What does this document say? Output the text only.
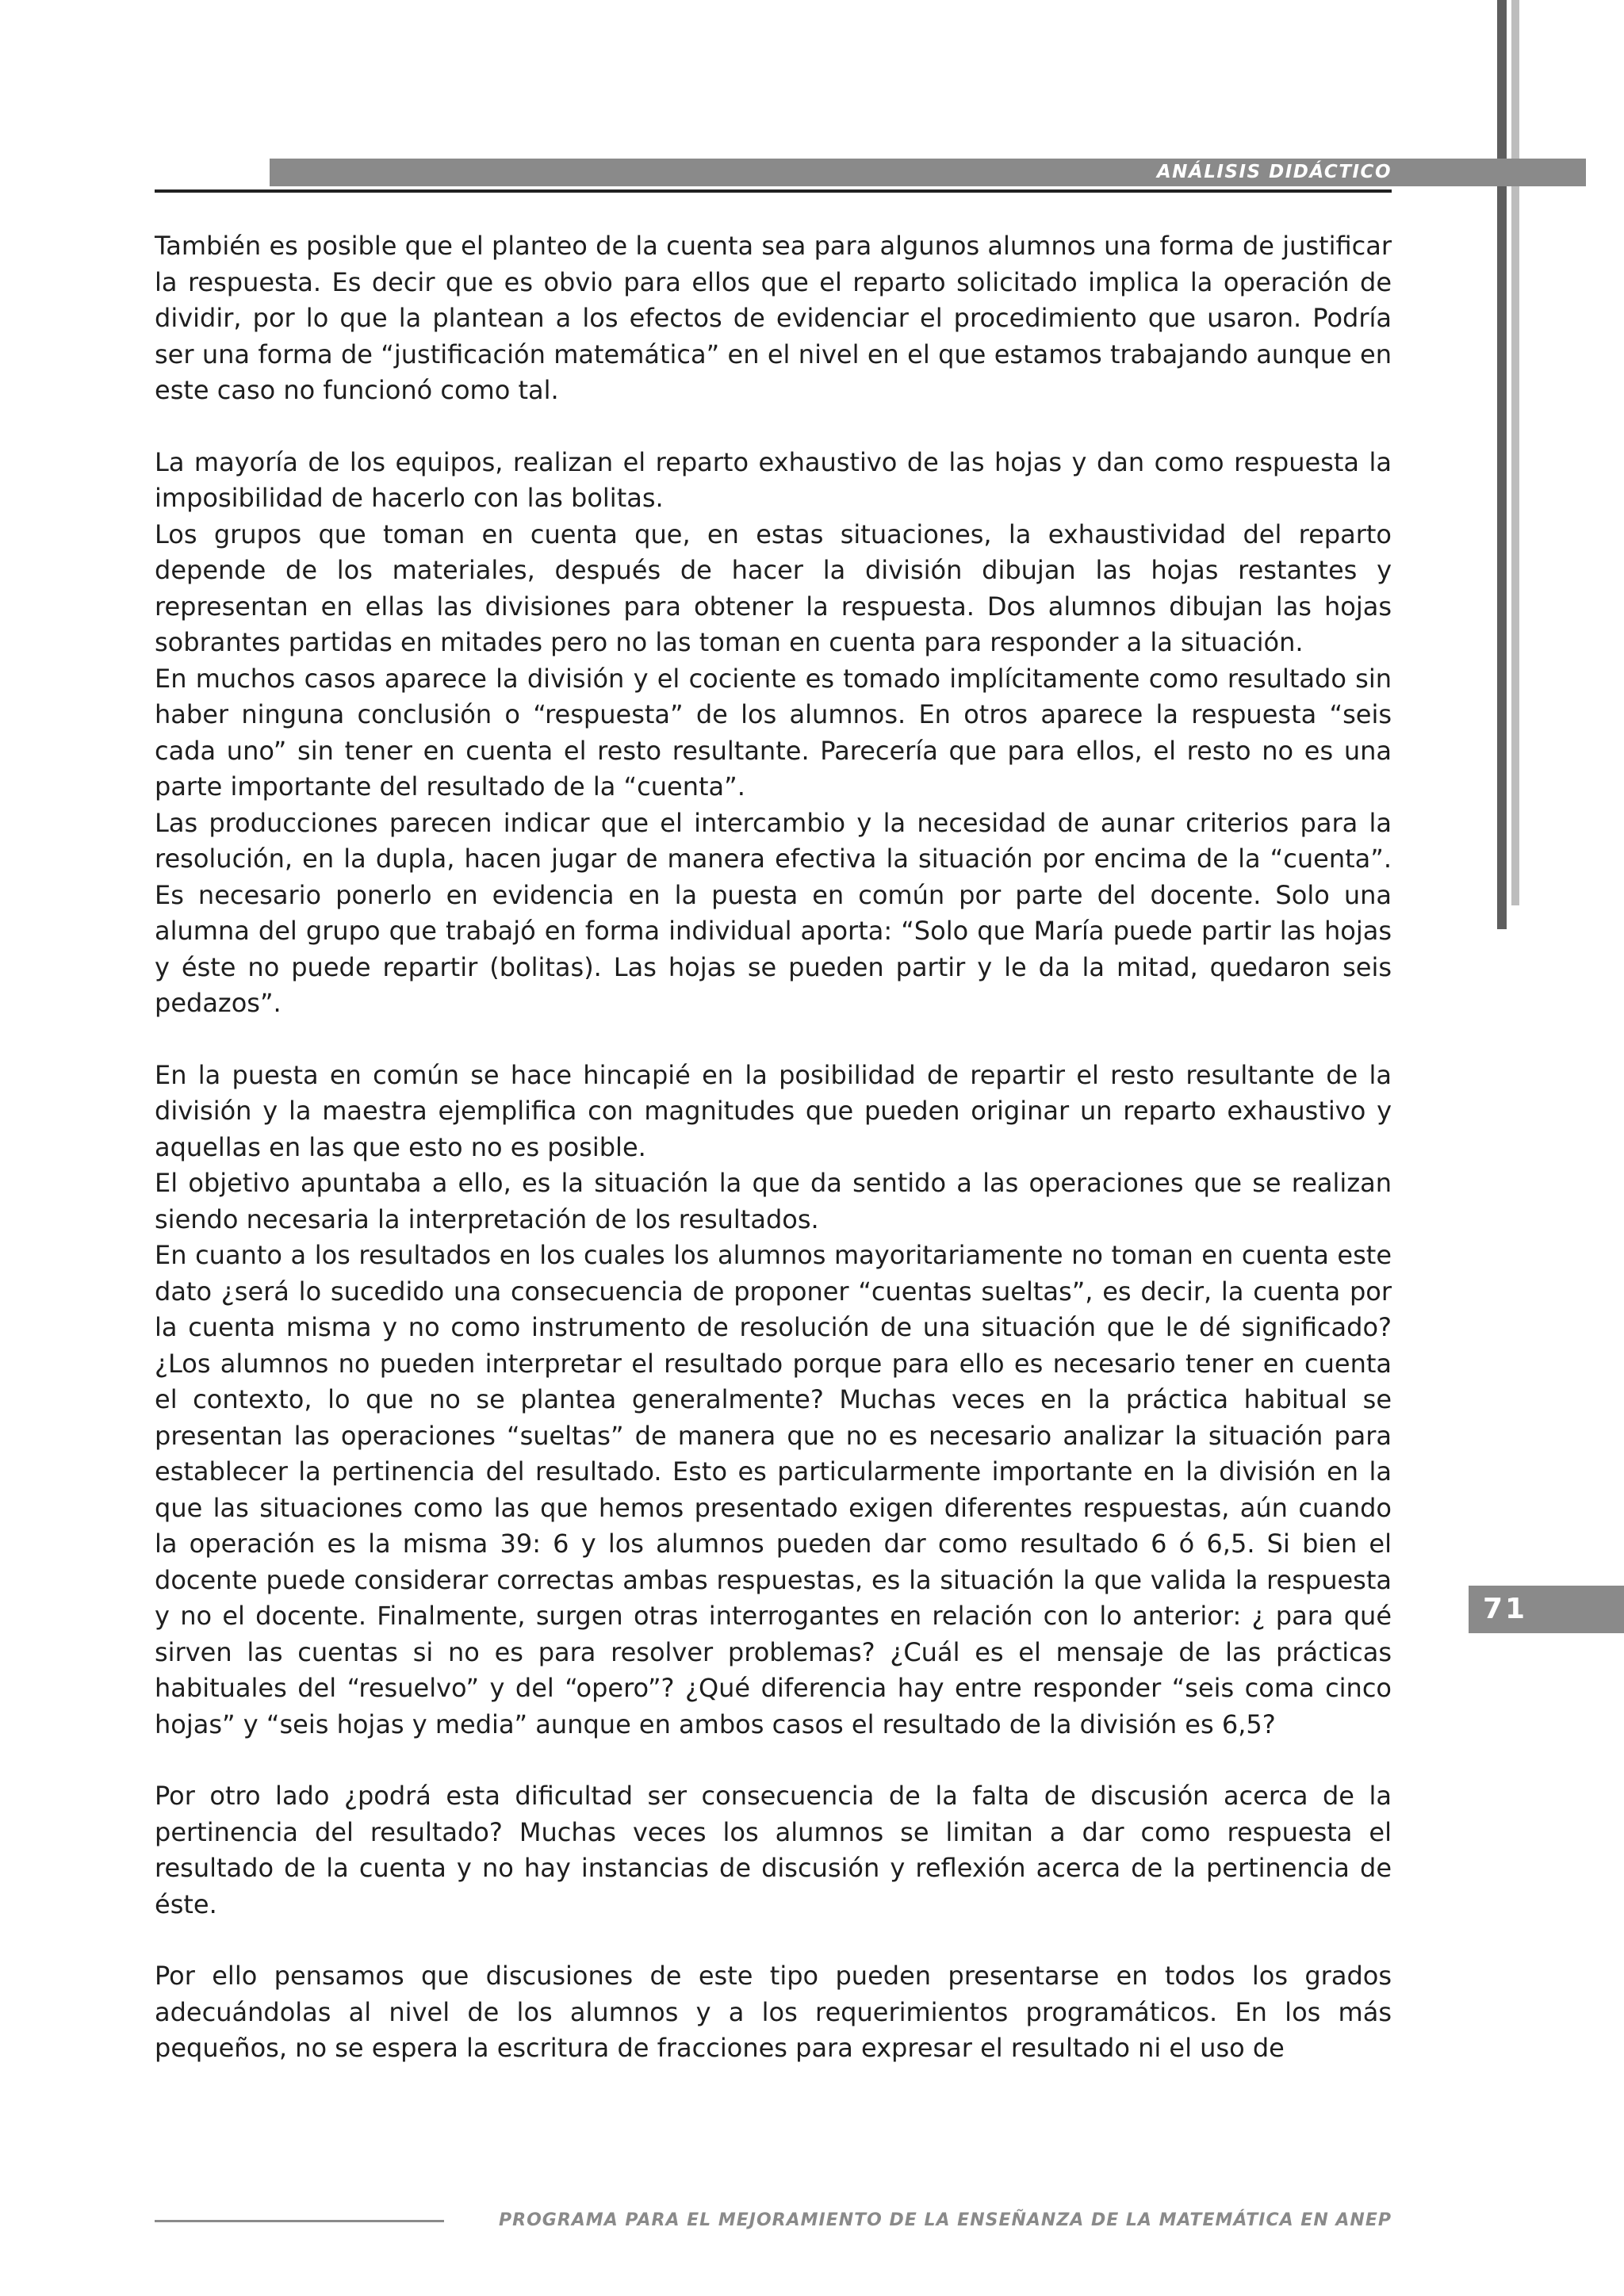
ANÁLISIS DIDÁCTICO

También es posible que el planteo de la cuenta sea para algunos alumnos una forma de justificar la respuesta. Es decir que es obvio para ellos que el reparto solicitado implica la operación de dividir, por lo que la plantean a los efectos de evidenciar el procedimiento que usaron. Podría ser una forma de “justificación matemática” en el nivel en el que estamos trabajando aunque en este caso no funcionó como tal.

La mayoría de los equipos, realizan el reparto exhaustivo de las hojas y dan como respuesta la imposibilidad de hacerlo con las bolitas.

Los grupos que toman en cuenta que, en estas situaciones, la exhaustividad del reparto depende de los materiales, después de hacer la división dibujan las hojas restantes y representan en ellas las divisiones para obtener la respuesta. Dos alumnos dibujan las hojas sobrantes partidas en mitades pero no las toman en cuenta para responder a la situación.

En muchos casos aparece la división y el cociente es tomado implícitamente como resultado sin haber ninguna conclusión o “respuesta” de los alumnos. En otros aparece la respuesta “seis cada uno” sin tener en cuenta el resto resultante. Parecería que para ellos, el resto no es una parte importante del resultado de la “cuenta”.

Las producciones parecen indicar que el intercambio y la necesidad de aunar criterios para la resolución, en la dupla, hacen jugar de manera efectiva la situación por encima de la “cuenta”. Es necesario ponerlo en evidencia en la puesta en común por parte del docente. Solo una alumna del grupo que trabajó en forma individual aporta: “Solo que María puede partir las hojas y éste no puede repartir (bolitas). Las hojas se pueden partir y le da la mitad, quedaron seis pedazos”.

En la puesta en común se hace hincapié en la posibilidad de repartir el resto resultante de la división y la maestra ejemplifica con magnitudes que pueden originar un reparto exhaustivo y aquellas en las que esto no es posible.

El objetivo apuntaba a ello, es la situación la que da sentido a las operaciones que se realizan siendo necesaria la interpretación de los resultados.

En cuanto a los resultados en los cuales los alumnos mayoritariamente no toman en cuenta este dato ¿será lo sucedido una consecuencia de proponer “cuentas sueltas”, es decir, la cuenta por la cuenta misma y no como instrumento de resolución de una situación que le dé significado? ¿Los alumnos no pueden interpretar el resultado porque para ello es necesario tener en cuenta el contexto, lo que no se plantea generalmente? Muchas veces en la práctica habitual se presentan las operaciones “sueltas” de manera que no es necesario analizar la situación para establecer la pertinencia del resultado. Esto es particularmente importante en la división en la que las situaciones como las que hemos presentado exigen diferentes respuestas, aún cuando la operación es la misma 39: 6 y los alumnos pueden dar como resultado 6 ó 6,5. Si bien el docente puede considerar correctas ambas respuestas, es la situación la que valida la respuesta y no el docente. Finalmente, surgen otras interrogantes en relación con lo anterior: ¿ para qué sirven las cuentas si no es para resolver problemas? ¿Cuál es el mensaje de las prácticas habituales del “resuelvo” y del “opero”? ¿Qué diferencia hay entre responder “seis coma cinco hojas” y “seis hojas y media” aunque en ambos casos el resultado de la división es 6,5?

Por otro lado ¿podrá esta dificultad ser consecuencia de la falta de discusión acerca de la pertinencia del resultado? Muchas veces los alumnos se limitan a dar como respuesta el resultado de la cuenta y no hay instancias de discusión y reflexión acerca de la pertinencia de éste.

Por ello pensamos que discusiones de este tipo pueden presentarse en todos los grados adecuándolas al nivel de los alumnos y a los requerimientos programáticos. En los más pequeños, no se espera la escritura de fracciones para expresar el resultado ni el uso de

71
PROGRAMA PARA EL MEJORAMIENTO DE LA ENSEÑANZA DE LA MATEMÁTICA EN ANEP
